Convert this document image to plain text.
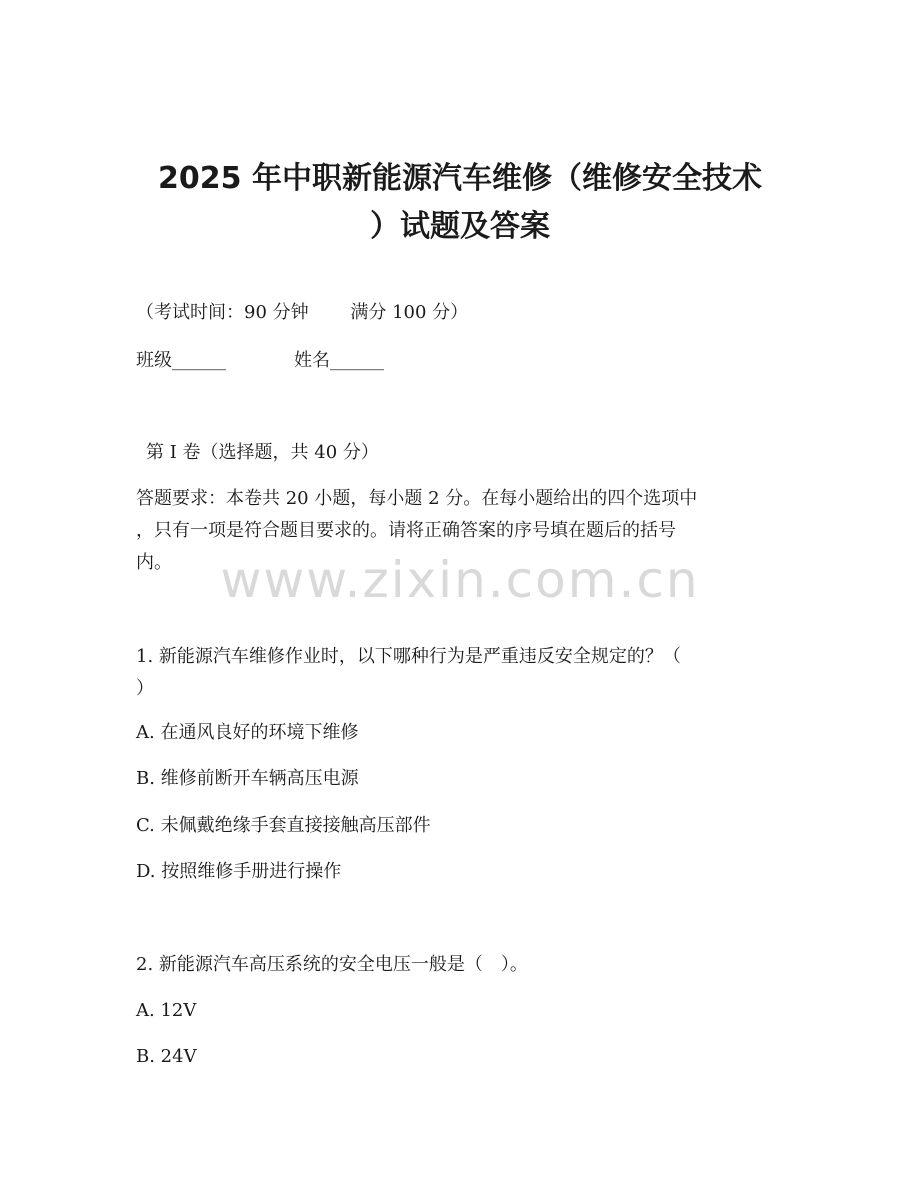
2025 年中职新能源汽车维修（维修安全技术
）试题及答案
（考试时间：90 分钟　　 满分 100 分）
班级______	姓名______
第 I 卷（选择题，共 40 分）
答题要求：本卷共 20 小题，每小题 2 分。在每小题给出的四个选项中
，只有一项是符合题目要求的。请将正确答案的序号填在题后的括号
内。 www.zixin.com.cn
1. 新能源汽车维修作业时，以下哪种行为是严重违反安全规定的？（
）
A. 在通风良好的环境下维修
B. 维修前断开车辆高压电源
C. 未佩戴绝缘手套直接接触高压部件
D. 按照维修手册进行操作
2. 新能源汽车高压系统的安全电压一般是（　）。
A. 12V
B. 24V
